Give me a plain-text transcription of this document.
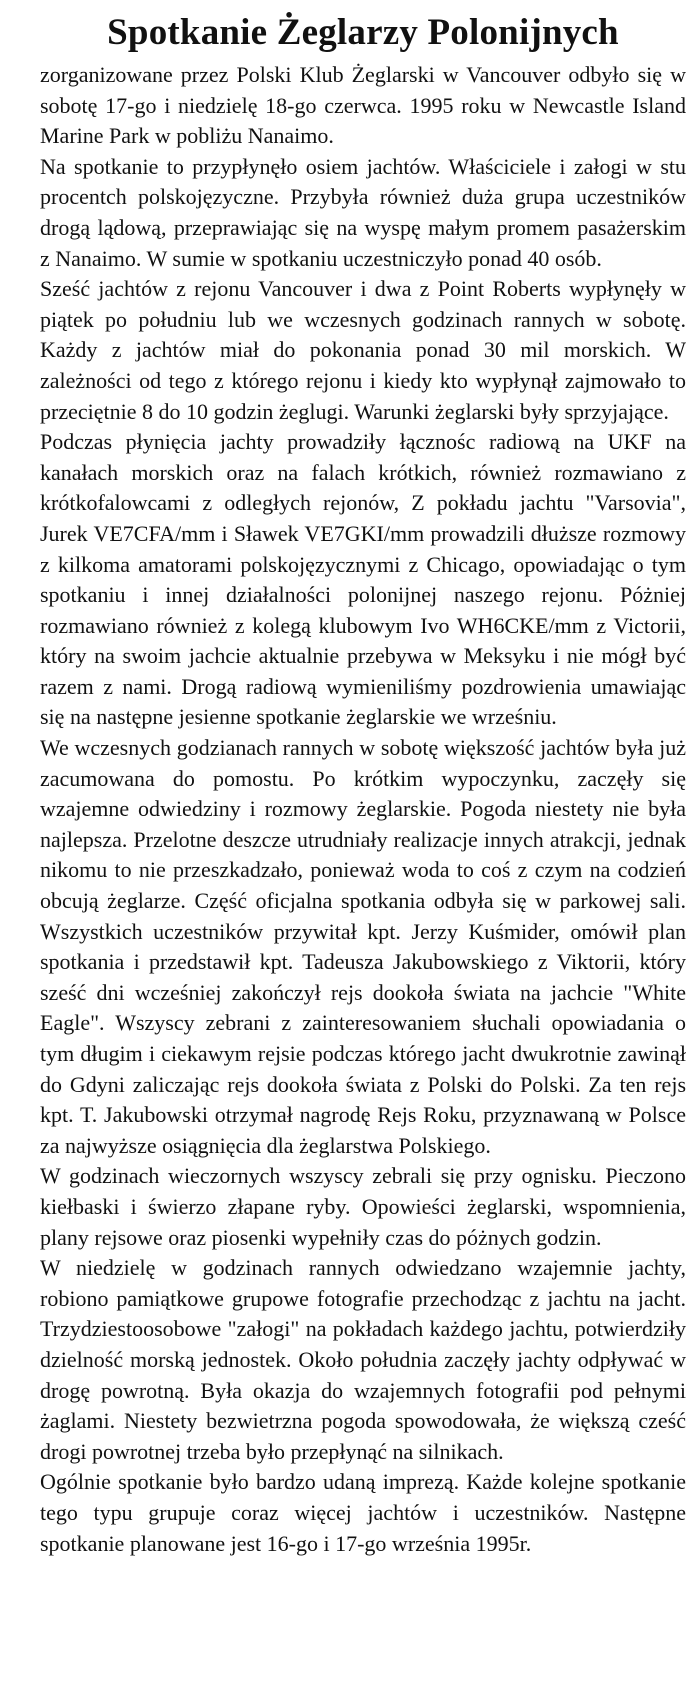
Spotkanie Żeglarzy Polonijnych

zorganizowane przez Polski Klub Żeglarski w Vancouver odbyło się w sobotę 17-go i niedzielę 18-go czerwca. 1995 roku w Newcastle Island Marine Park w pobliżu Nanaimo.

Na spotkanie to przypłynęło osiem jachtów. Właściciele i załogi w stu procentch polskojęzyczne. Przybyła również duża grupa uczestników drogą lądową, przeprawiając się na wyspę małym promem pasażerskim z Nanaimo. W sumie w spotkaniu uczestniczyło ponad 40 osób.

Sześć jachtów z rejonu Vancouver i dwa z Point Roberts wypłynęły w piątek po południu lub we wczesnych godzinach rannych w sobotę. Każdy z jachtów miał do pokonania ponad 30 mil morskich. W zależności od tego z którego rejonu i kiedy kto wypłynął zajmowało to przeciętnie 8 do 10 godzin żeglugi. Warunki żeglarski były sprzyjające.

Podczas płynięcia jachty prowadziły łącznośc radiową na UKF na kanałach morskich oraz na falach krótkich, również rozmawiano z krótkofalowcami z odległych rejonów, Z pokładu jachtu "Varsovia", Jurek VE7CFA/mm i Sławek VE7GKI/mm prowadzili dłuższe rozmowy z kilkoma amatorami polskojęzycznymi z Chicago, opowiadając o tym spotkaniu i innej działalności polonijnej naszego rejonu. Póżniej rozmawiano również z kolegą klubowym Ivo WH6CKE/mm z Victorii, który na swoim jachcie aktualnie przebywa w Meksyku i nie mógł być razem z nami. Drogą radiową wymieniliśmy pozdrowienia umawiając się na następne jesienne spotkanie żeglarskie we wrześniu.

We wczesnych godzianach rannych w sobotę większość jachtów była już zacumowana do pomostu. Po krótkim wypoczynku, zaczęły się wzajemne odwiedziny i rozmowy żeglarskie. Pogoda niestety nie była najlepsza. Przelotne deszcze utrudniały realizacje innych atrakcji, jednak nikomu to nie przeszkadzało, ponieważ woda to coś z czym na codzień obcują żeglarze. Część oficjalna spotkania odbyła się w parkowej sali. Wszystkich uczestników przywitał kpt. Jerzy Kuśmider, omówił plan spotkania i przedstawił kpt. Tadeusza Jakubowskiego z Viktorii, który sześć dni wcześniej zakończył rejs dookoła świata na jachcie "White Eagle". Wszyscy zebrani z zainteresowaniem słuchali opowiadania o tym długim i ciekawym rejsie podczas którego jacht dwukrotnie zawinął do Gdyni zaliczając rejs dookoła świata z Polski do Polski. Za ten rejs kpt. T. Jakubowski otrzymał nagrodę Rejs Roku, przyznawaną w Polsce za najwyższe osiągnięcia dla żeglarstwa Polskiego.

W godzinach wieczornych wszyscy zebrali się przy ognisku. Pieczono kiełbaski i świerzo złapane ryby. Opowieści żeglarski, wspomnienia, plany rejsowe oraz piosenki wypełniły czas do póżnych godzin.

W niedzielę w godzinach rannych odwiedzano wzajemnie jachty, robiono pamiątkowe grupowe fotografie przechodząc z jachtu na jacht. Trzydziestoosobowe "załogi" na pokładach każdego jachtu, potwierdziły dzielność morską jednostek. Około południa zaczęły jachty odpływać w drogę powrotną. Była okazja do wzajemnych fotografii pod pełnymi żaglami. Niestety bezwietrzna pogoda spowodowała, że większą cześć drogi powrotnej trzeba było przepłynąć na silnikach.

Ogólnie spotkanie było bardzo udaną imprezą. Każde kolejne spotkanie tego typu grupuje coraz więcej jachtów i uczestników. Następne spotkanie planowane jest 16-go i 17-go września 1995r.
